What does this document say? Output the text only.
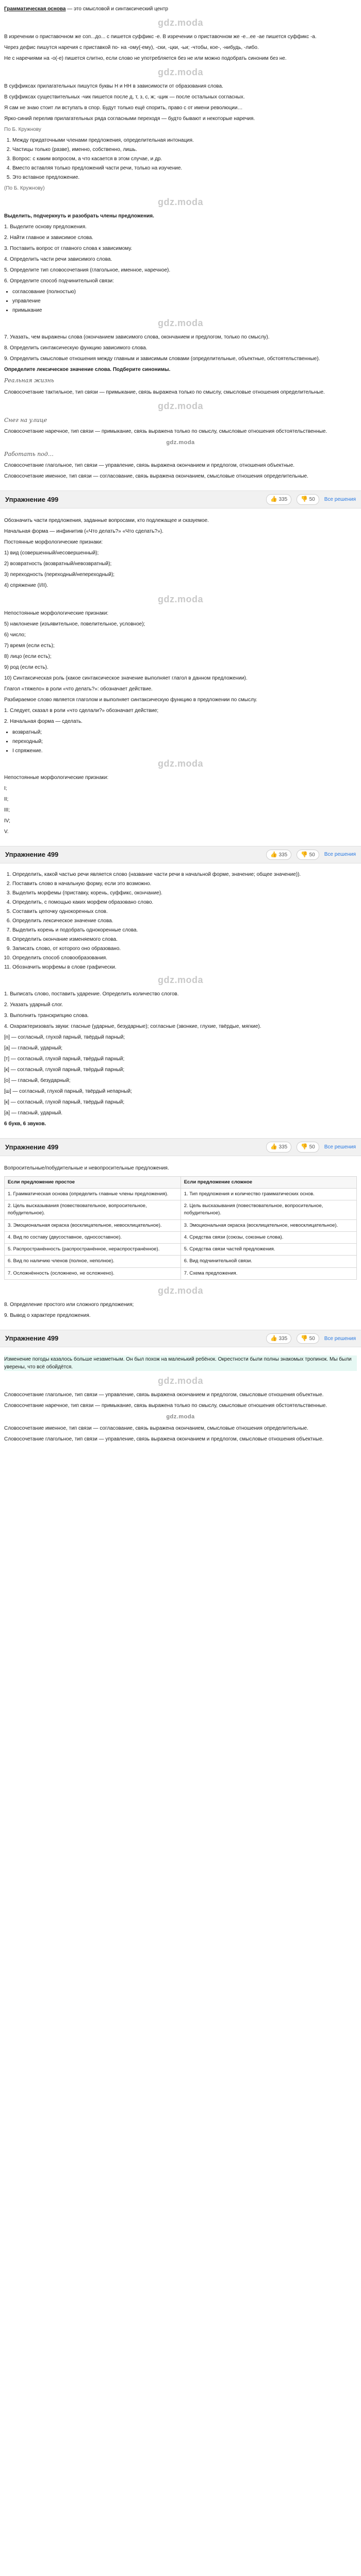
Грамматическая основа — это смысловой и синтаксический центр

gdz.moda

В изречении о приставочном же соп...до... с пишется суффикс -е. В изречении о приставочном же -е...ее -ae пишется суффикс -а.

Через дефис пишутся наречия с приставкой по- на -ому(-ему), -ски, -цки, -ьи; -чтобы, кое-, -нибудь, -либо.

Не с наречиями на -о(-е) пишется слитно, если слово не употребляется без не или можно подобрать синоним без не.

gdz.moda

В суффиксах прилагательных пишутся буквы Н и НН в зависимости от образования слова.

В суффиксах существительных -чик пишется после д, т, з, с, ж; -щик — после остальных согласных.

Я сам не знаю стоит ли вступать в спор. Будут только ещё спорить, право с от имени революции…

Ярко-синий перелив прилагательных ряда согласными переходя — будто бывают и некоторые наречия.

По Б. Кружнову

1. Между придаточными членами предложения, определительная интонация.
2. Частицы только (разве), именно, собственно, лишь.
3. Вопрос: с каким вопросом, а что касается в этом случае, и др.
4. Вместо вставляя только предложений части речи, только на изучение.
5. Это вставное предложение.

(По Б. Кружнову)

gdz.moda

Выделить, подчеркнуть и разобрать члены предложения.

1. Выделите основу предложения.

2. Найти главное и зависимое слова.

3. Поставить вопрос от главного слова к зависимому.

4. Определить части речи зависимого слова.

5. Определите тип словосочетания (глагольное, именное, наречное).

6. Определите способ подчинительной связи:

• согласование (полностью)
• управление
• примыкание
gdz.moda

7. Указать, чем выражены слова (окончанием зависимого слова, окончанием и предлогом, только по смыслу).

8. Определить синтаксическую функцию зависимого слова.

9. Определить смысловые отношения между главным и зависимым словами (определительные, объектные, обстоятельственные).

Определите лексическое значение слова. Подберите синонимы.

Реальная жизнь

Словосочетание тактильное, тип связи — примыкание, связь выражена только по смыслу, смысловые отношения определительные.

gdz.moda

Снег на улице

Словосочетание наречное, тип связи — примыкание, связь выражена только по смыслу, смысловые отношения обстоятельственные.

gdz.moda

Работать под…

Словосочетание глагольное, тип связи — управление, связь выражена окончанием и предлогом, отношения объектные.

Словосочетание именное, тип связи — согласование, связь выражена окончанием, смысловые отношения определительные.

Упражнение 499	👍 335	👎 50	Все решения

Обозначить части предложения, заданные вопросами, кто подлежащее и сказуемое.

Начальная форма — инфинитив («Что делать?» «Что сделать?»).

Постоянные морфологические признаки:

1) вид (совершенный/несовершенный);

2) возвратность (возвратный/невозвратный);

3) переходность (переходный/непереходный);

4) спряжение (I/II).

gdz.moda

Непостоянные морфологические признаки:

5) наклонение (изъявительное, повелительное, условное);

6) число;

7) время (если есть);

8) лицо (если есть);

9) род (если есть).

10) Синтаксическая роль (какое синтаксическое значение выполняет глагол в данном предложении).

Глагол «тяжело» в роли «что делать?»: обозначает действие.

Разбираемое слово является глаголом и выполняет синтаксическую функцию в предложении по смыслу.

1. Следует, сказал в роли «что сделали?» обозначает действие;

2. Начальная форма — сделать.

• возвратный;
• переходный;
• I спряжение.
gdz.moda

Непостоянные морфологические признаки:

I;

II;

III;

IV;

V.

Упражнение 499	👍 335	👎 50	Все решения
1. Определить, какой частью речи является слово (название части речи в начальной форме, значение; общее значение)).
2. Поставить слово в начальную форму, если это возможно.
3. Выделить морфемы (приставку, корень, суффикс, окончание).
4. Определить, с помощью каких морфем образовано слово.
5. Составить цепочку однокоренных слов.
6. Определить лексическое значение слова.
7. Выделить корень и подобрать однокоренные слова.
8. Определить окончание изменяемого слова.
9. Записать слово, от которого оно образовано.
10. Определить способ словообразования.
11. Обозначить морфемы в слове графически.
gdz.moda

1. Выписать слово, поставить ударение. Определить количество слогов.

2. Указать ударный слог.

3. Выполнить транскрипцию слова.

4. Охарактеризовать звуки: гласные (ударные, безударные); согласные (звонкие, глухие, твёрдые, мягкие).

[п] — согласный, глухой парный, твёрдый парный;

[а] — гласный, ударный;

[т] — согласный, глухой парный, твёрдый парный;

[к] — согласный, глухой парный, твёрдый парный;

[о] — гласный, безударный;

[ш] — согласный, глухой парный, твёрдый непарный;

[к] — согласный, глухой парный, твёрдый парный;

[а] — гласный, ударный.

6 букв, 6 звуков.

Упражнение 499	👍 335	👎 50	Все решения

Вопросительные/побудительные и невопросительные предложения.

Если предложение простое	Если предложение сложное
1. Грамматическая основа (определить главные члены предложения).	1. Тип предложения и количество грамматических основ.
2. Цель высказывания (повествовательное, вопросительное, побудительное).	2. Цель высказывания (повествовательное, вопросительное, побудительное).
3. Эмоциональная окраска (восклицательное, невосклицательное).	3. Эмоциональная окраска (восклицательное, невосклицательное).
4. Вид по составу (двусоставное, односоставное).	4. Средства связи (союзы, союзные слова).
5. Распространённость (распространённое, нераспространённое).	5. Средства связи частей предложения.
6. Вид по наличию членов (полное, неполное).	6. Вид подчинительной связи.
7. Осложнённость (осложнено, не осложнено).	7. Схема предложения.
gdz.moda

8. Определение простого или сложного предложения;

9. Вывод о характере предложения.

Упражнение 499	👍 335	👎 50	Все решения

Изменение погоды казалось больше незаметным. Он был похож на маленький ребёнок. Окрестности были полны знакомых тропинок. Мы были уверены, что всё обойдётся.

gdz.moda

Словосочетание глагольное, тип связи — управление, связь выражена окончанием и предлогом, смысловые отношения объектные.

Словосочетание наречное, тип связи — примыкание, связь выражена только по смыслу, смысловые отношения обстоятельственные.

gdz.moda

Словосочетание именное, тип связи — согласование, связь выражена окончанием, смысловые отношения определительные.

Словосочетание глагольное, тип связи — управление, связь выражена окончанием и предлогом, смысловые отношения объектные.
